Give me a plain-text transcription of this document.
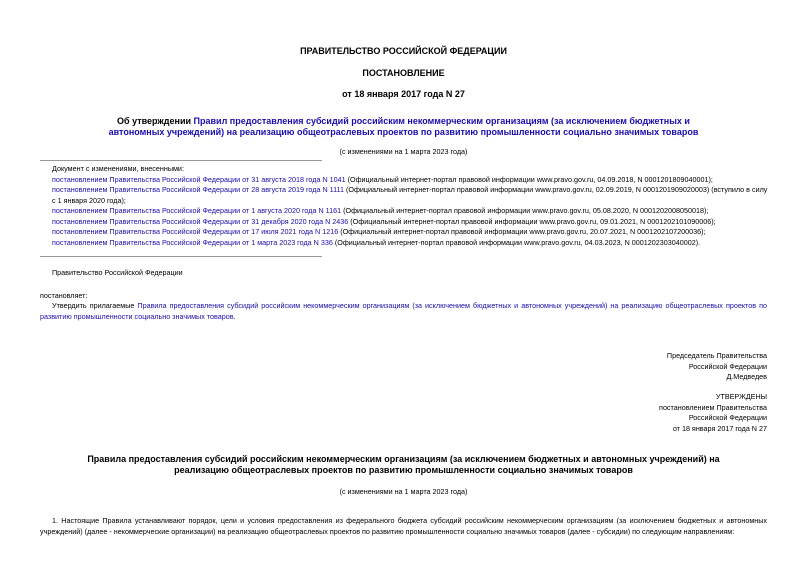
ПРАВИТЕЛЬСТВО РОССИЙСКОЙ ФЕДЕРАЦИИ
ПОСТАНОВЛЕНИЕ
от 18 января 2017 года N 27
Об утверждении Правил предоставления субсидий российским некоммерческим организациям (за исключением бюджетных и автономных учреждений) на реализацию общеотраслевых проектов по развитию промышленности социально значимых товаров
(с изменениями на 1 марта 2023 года)
Документ с изменениями, внесенными:
постановлением Правительства Российской Федерации от 31 августа 2018 года N 1041 (Официальный интернет-портал правовой информации www.pravo.gov.ru, 04.09.2018, N 0001201809040001);
постановлением Правительства Российской Федерации от 28 августа 2019 года N 1111 (Официальный интернет-портал правовой информации www.pravo.gov.ru, 02.09.2019, N 0001201909020003) (вступило в силу с 1 января 2020 года);
постановлением Правительства Российской Федерации от 1 августа 2020 года N 1161 (Официальный интернет-портал правовой информации www.pravo.gov.ru, 05.08.2020, N 0001202008050018);
постановлением Правительства Российской Федерации от 31 декабря 2020 года N 2436 (Официальный интернет-портал правовой информации www.pravo.gov.ru, 09.01.2021, N 0001202101090006);
постановлением Правительства Российской Федерации от 17 июля 2021 года N 1216 (Официальный интернет-портал правовой информации www.pravo.gov.ru, 20.07.2021, N 0001202107200036);
постановлением Правительства Российской Федерации от 1 марта 2023 года N 336 (Официальный интернет-портал правовой информации www.pravo.gov.ru, 04.03.2023, N 0001202303040002).
Правительство Российской Федерации
постановляет:
Утвердить прилагаемые Правила предоставления субсидий российским некоммерческим организациям (за исключением бюджетных и автономных учреждений) на реализацию общеотраслевых проектов по развитию промышленности социально значимых товаров.
Председатель Правительства
Российской Федерации
Д.Медведев
УТВЕРЖДЕНЫ
постановлением Правительства
Российской Федерации
от 18 января 2017 года N 27
Правила предоставления субсидий российским некоммерческим организациям (за исключением бюджетных и автономных учреждений) на реализацию общеотраслевых проектов по развитию промышленности социально значимых товаров
(с изменениями на 1 марта 2023 года)
1. Настоящие Правила устанавливают порядок, цели и условия предоставления из федерального бюджета субсидий российским некоммерческим организациям (за исключением бюджетных и автономных учреждений) (далее - некоммерческие организации) на реализацию общеотраслевых проектов по развитию промышленности социально значимых товаров (далее - субсидии) по следующим направлениям:
